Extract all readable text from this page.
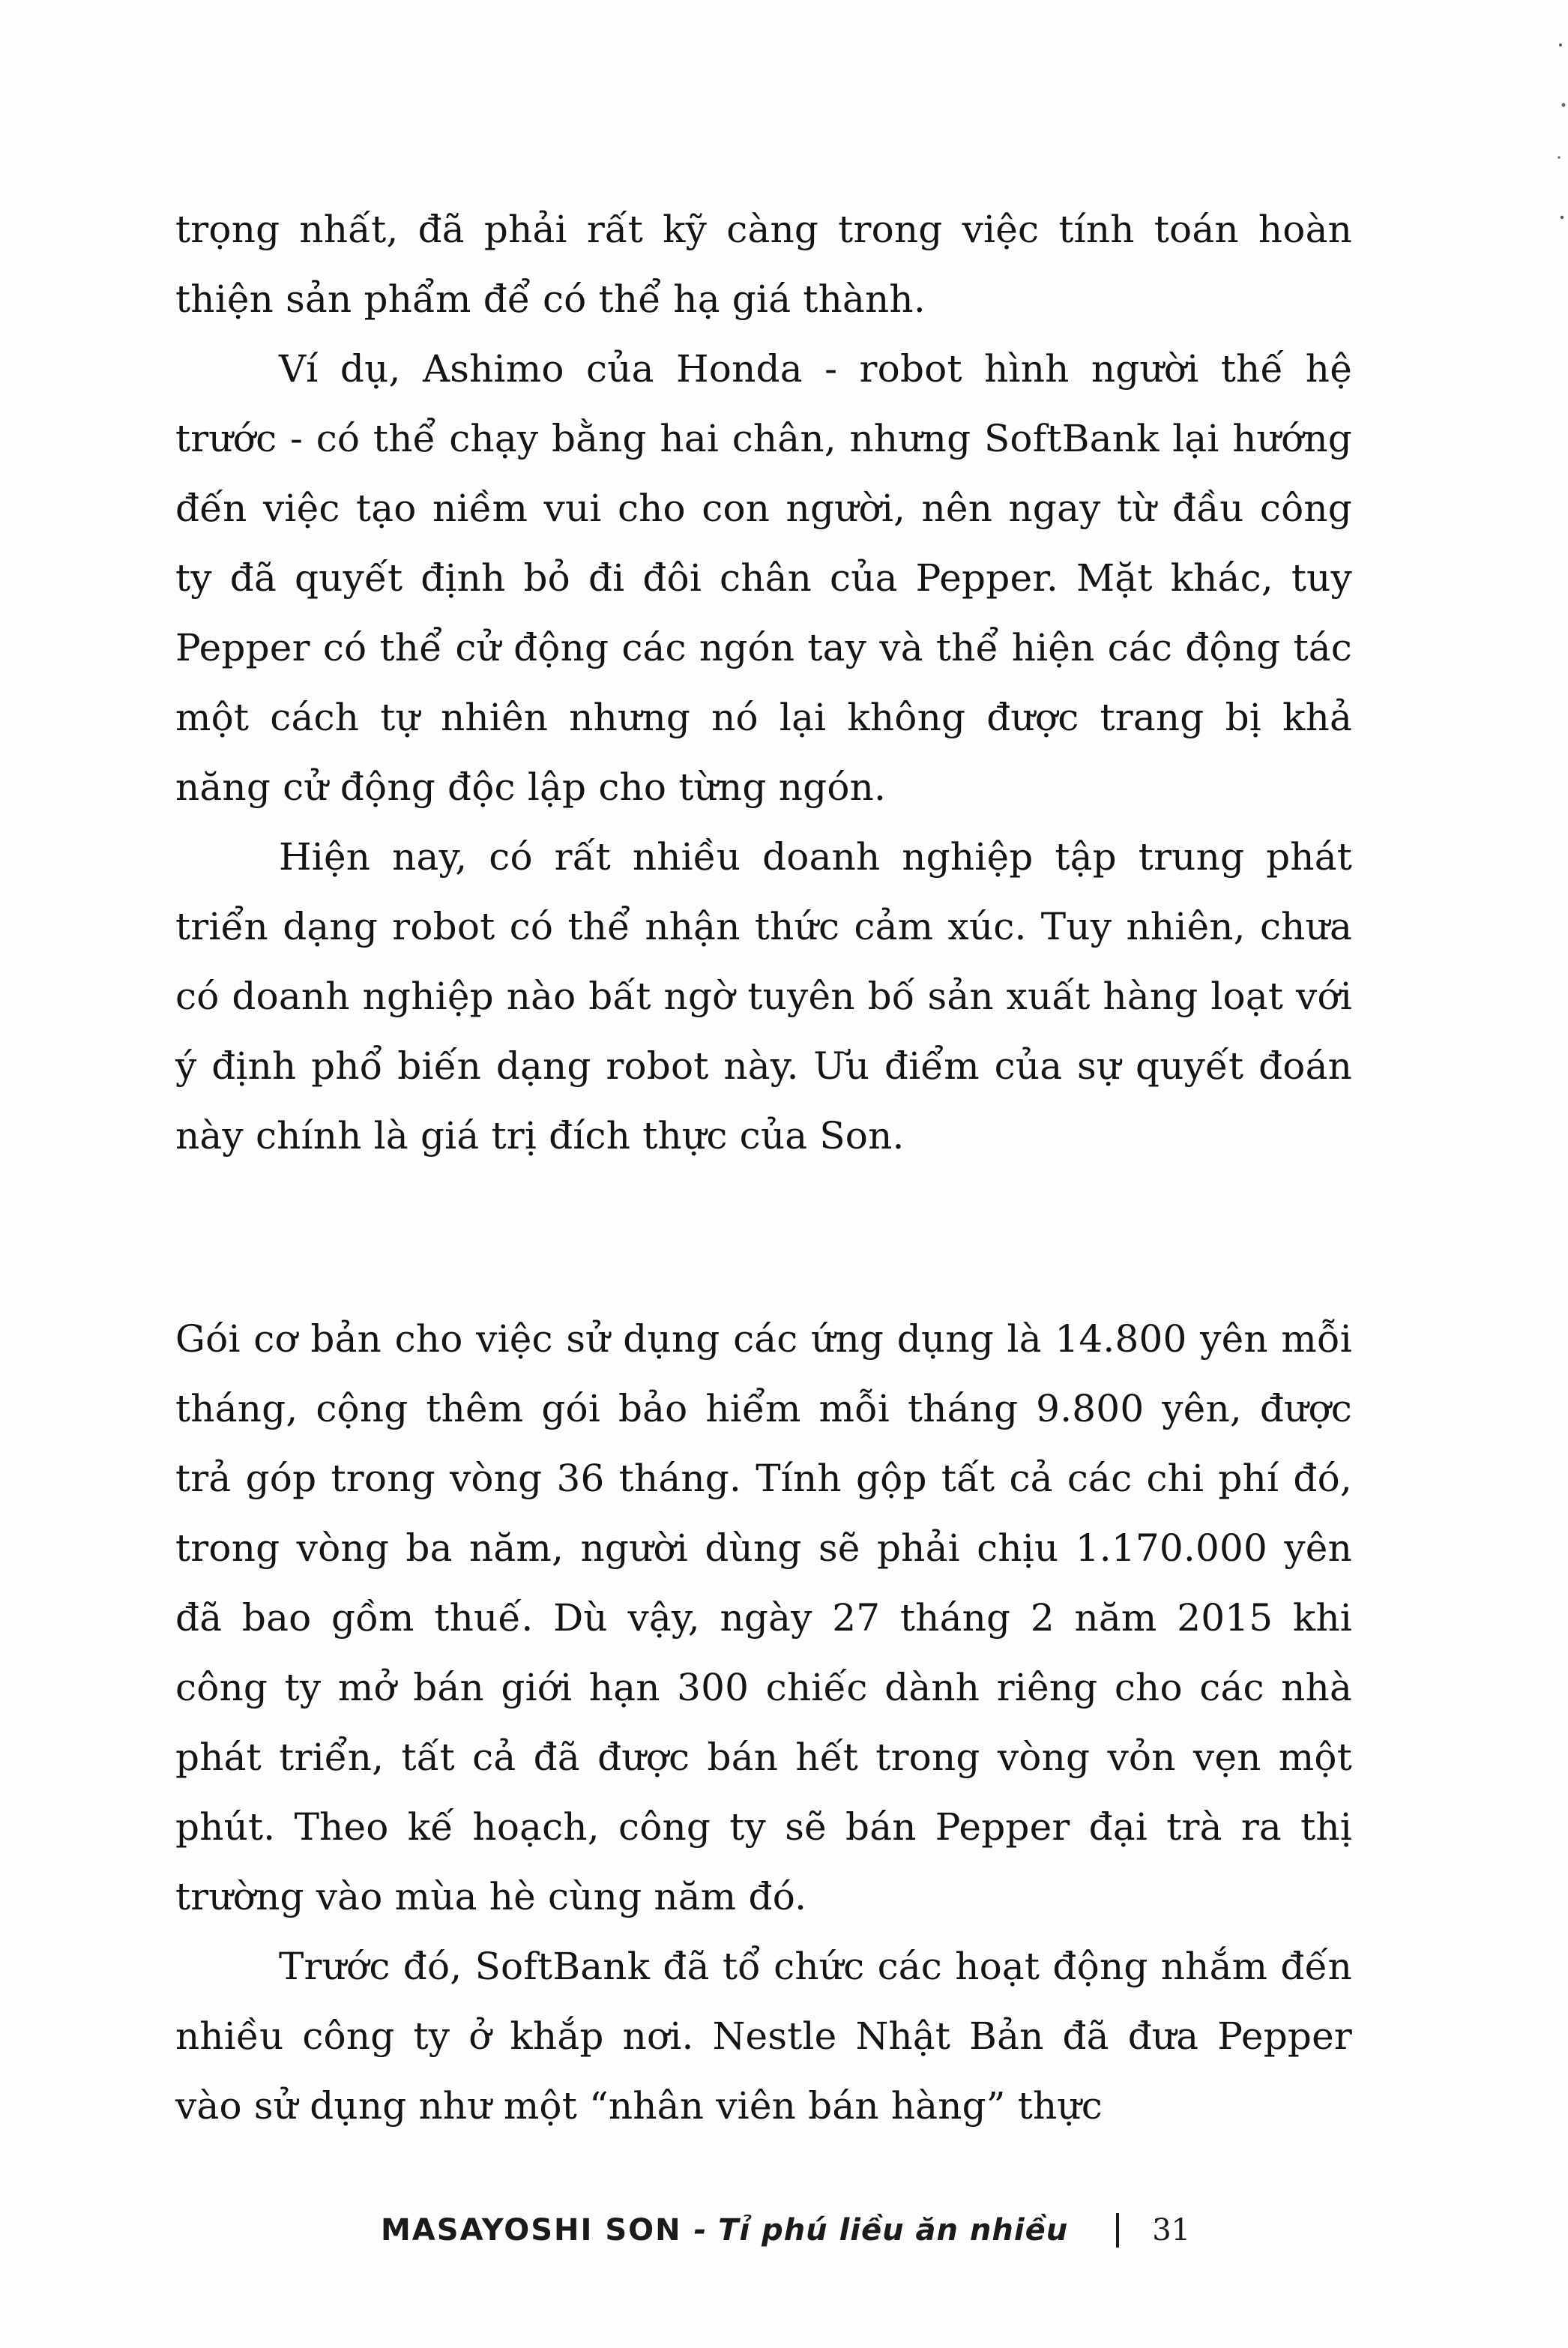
trọng nhất, đã phải rất kỹ càng trong việc tính toán hoàn thiện sản phẩm để có thể hạ giá thành.

Ví dụ, Ashimo của Honda - robot hình người thế hệ trước - có thể chạy bằng hai chân, nhưng SoftBank lại hướng đến việc tạo niềm vui cho con người, nên ngay từ đầu công ty đã quyết định bỏ đi đôi chân của Pepper. Mặt khác, tuy Pepper có thể cử động các ngón tay và thể hiện các động tác một cách tự nhiên nhưng nó lại không được trang bị khả năng cử động độc lập cho từng ngón.

Hiện nay, có rất nhiều doanh nghiệp tập trung phát triển dạng robot có thể nhận thức cảm xúc. Tuy nhiên, chưa có doanh nghiệp nào bất ngờ tuyên bố sản xuất hàng loạt với ý định phổ biến dạng robot này. Ưu điểm của sự quyết đoán này chính là giá trị đích thực của Son.

Gói cơ bản cho việc sử dụng các ứng dụng là 14.800 yên mỗi tháng, cộng thêm gói bảo hiểm mỗi tháng 9.800 yên, được trả góp trong vòng 36 tháng. Tính gộp tất cả các chi phí đó, trong vòng ba năm, người dùng sẽ phải chịu 1.170.000 yên đã bao gồm thuế. Dù vậy, ngày 27 tháng 2 năm 2015 khi công ty mở bán giới hạn 300 chiếc dành riêng cho các nhà phát triển, tất cả đã được bán hết trong vòng vỏn vẹn một phút. Theo kế hoạch, công ty sẽ bán Pepper đại trà ra thị trường vào mùa hè cùng năm đó.

Trước đó, SoftBank đã tổ chức các hoạt động nhắm đến nhiều công ty ở khắp nơi. Nestle Nhật Bản đã đưa Pepper vào sử dụng như một “nhân viên bán hàng” thực

MASAYOSHI SON - Tỉ phú liều ăn nhiều	31
